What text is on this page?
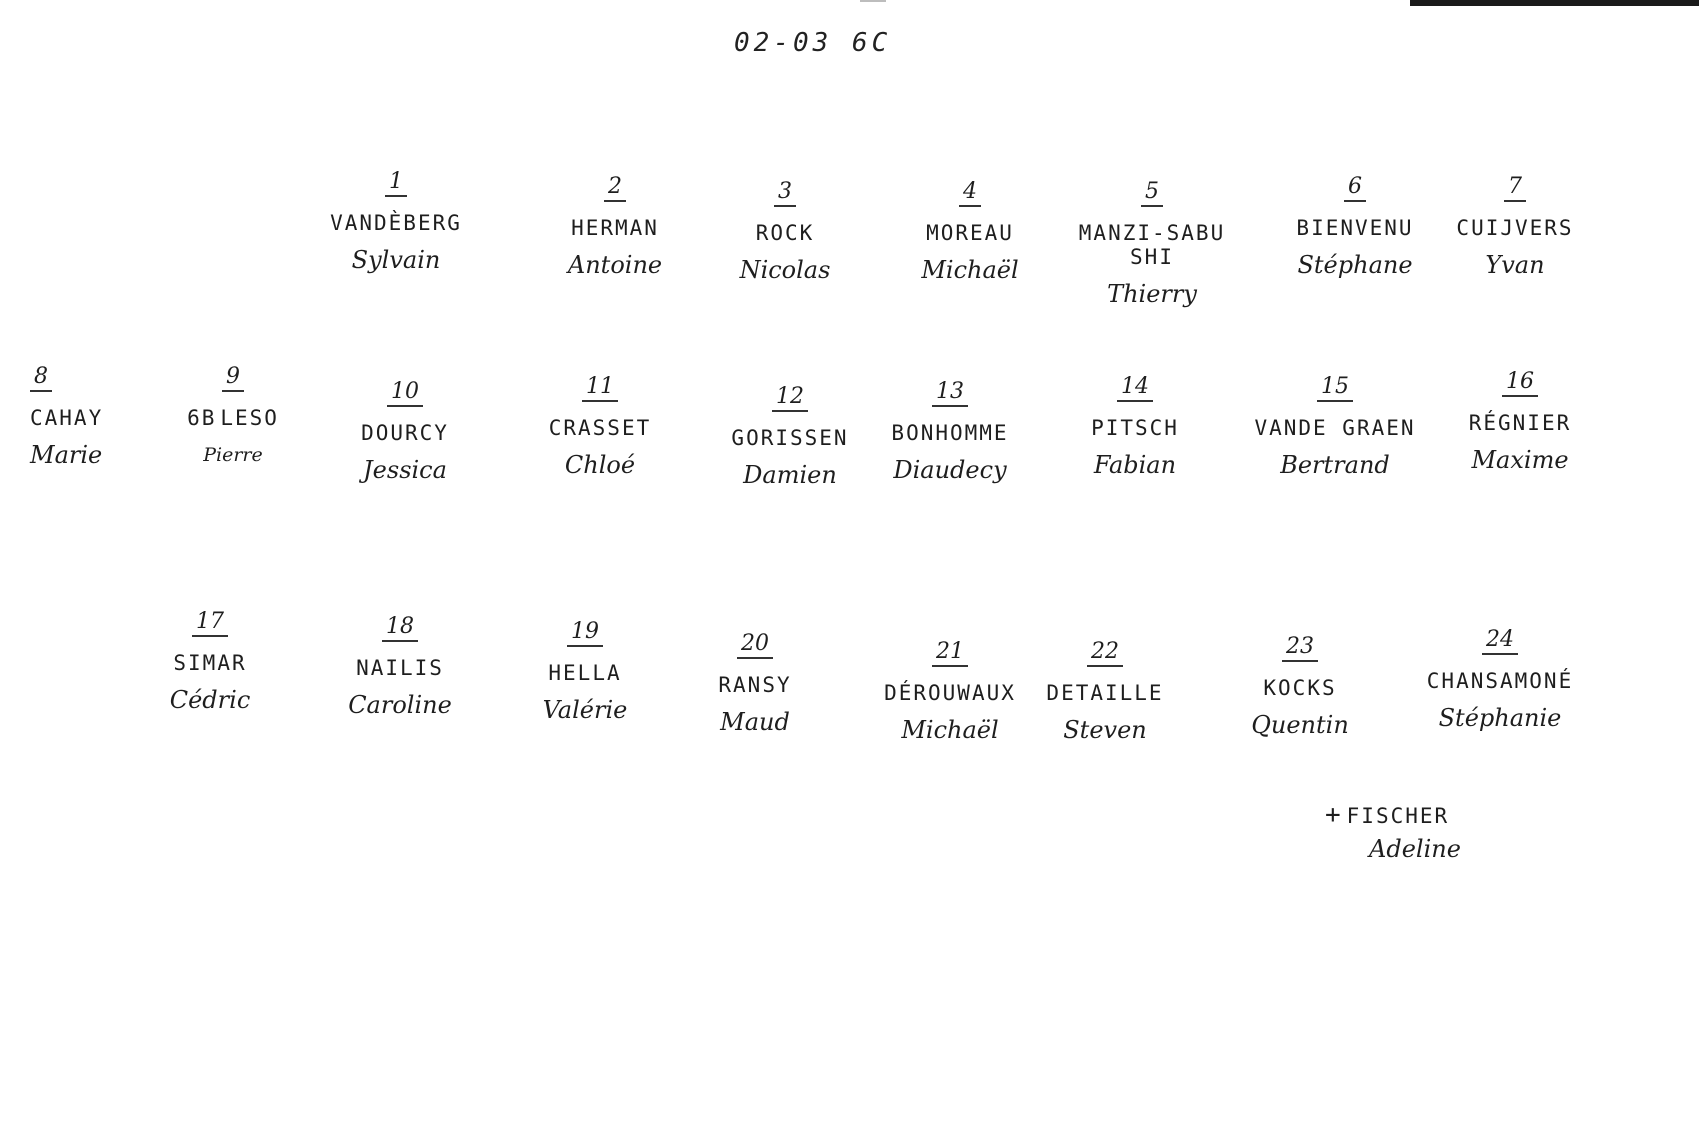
02-03 6C
1
VANDÈBERG
Sylvain
2
HERMAN
Antoine
3
ROCK
Nicolas
4
MOREAU
Michaël
5
MANZI-SABUSHI
Thierry
6
BIENVENU
Stéphane
7
CUIJVERS
Yvan
8
CAHAY
Marie
9
6B LESO
Pierre
10
DOURCY
Jessica
11
CRASSET
Chloé
12
GORISSEN
Damien
13
BONHOMME
Diaudecy
14
PITSCH
Fabian
15
VANDE GRAEN
Bertrand
16
RÉGNIER
Maxime
17
SIMAR
Cédric
18
NAILIS
Caroline
19
HELLA
Valérie
20
RANSY
Maud
21
DÉROUWAUX
Michaël
22
DETAILLE
Steven
23
KOCKS
Quentin
24
CHANSAMONÉ
Stéphanie
+ FISCHER
Adeline
